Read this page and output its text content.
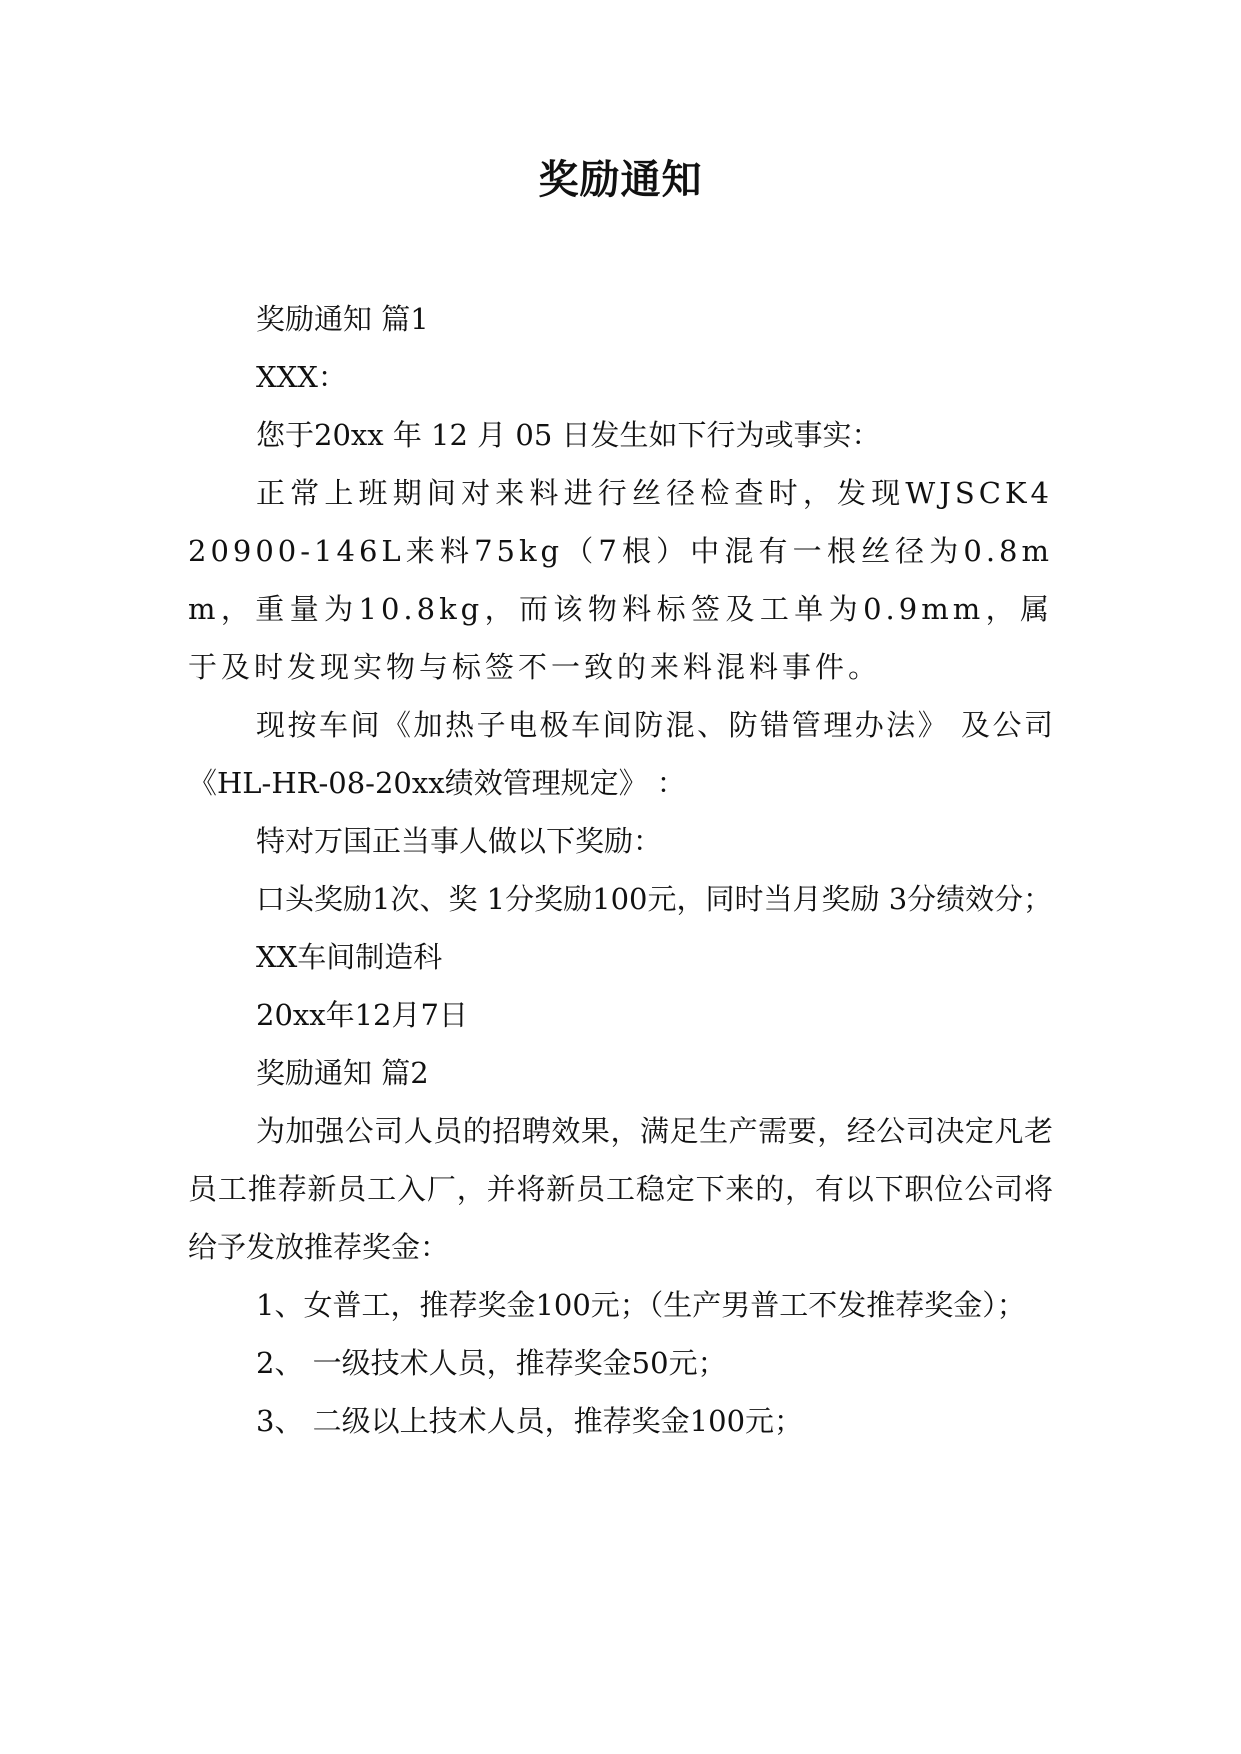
奖励通知

奖励通知 篇1

XXX：

您于20xx 年 12 月 05 日发生如下行为或事实：

正常上班期间对来料进行丝径检查时，发现WJSCK420900-146L来料75kg（7根）中混有一根丝径为0.8mm，重量为10.8kg，而该物料标签及工单为0.9mm，属于及时发现实物与标签不一致的来料混料事件。

现按车间《加热子电极车间防混、防错管理办法》 及公司 《HL-HR-08-20xx绩效管理规定》 ：

特对万国正当事人做以下奖励：

口头奖励1次、奖 1分奖励100元，同时当月奖励 3分绩效分；

XX车间制造科

20xx年12月7日

奖励通知 篇2

为加强公司人员的招聘效果，满足生产需要，经公司决定凡老员工推荐新员工入厂，并将新员工稳定下来的，有以下职位公司将给予发放推荐奖金：

1、女普工，推荐奖金100元；（生产男普工不发推荐奖金）；

2、 一级技术人员，推荐奖金50元；

3、 二级以上技术人员，推荐奖金100元；
